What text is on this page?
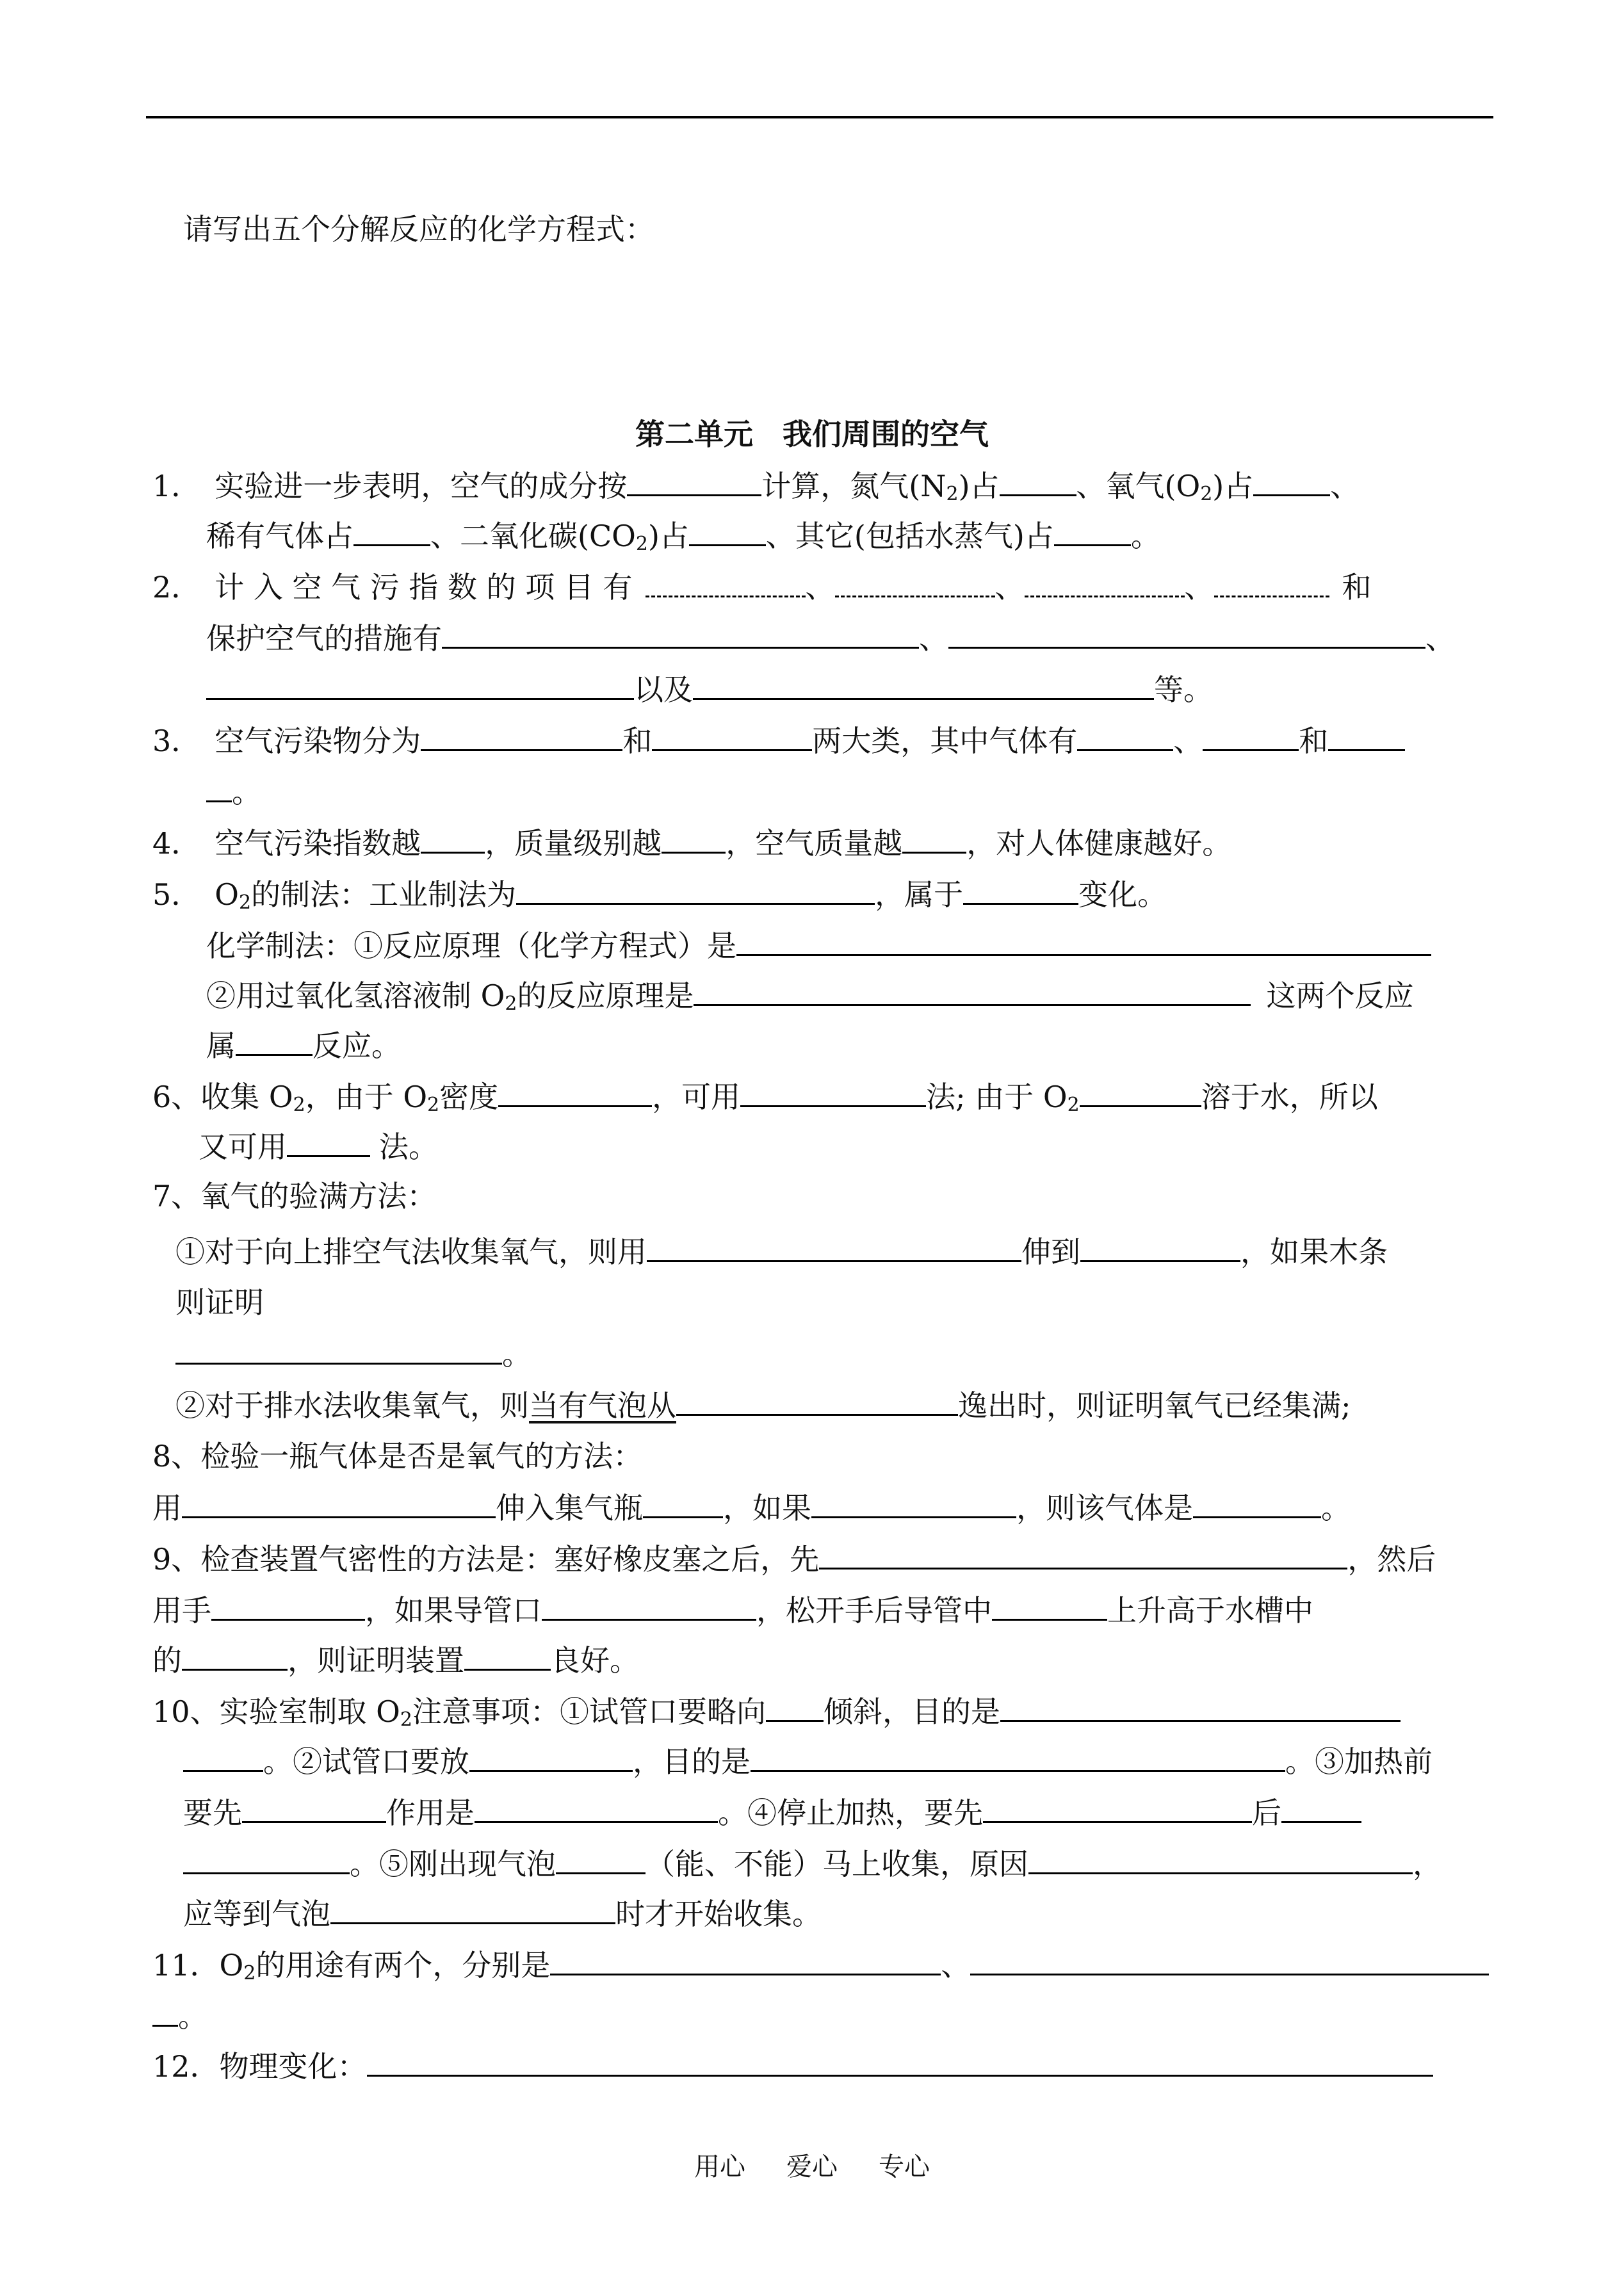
请写出五个分解反应的化学方程式：
第二单元　我们周围的空气
1． 实验进一步表明，空气的成分按	计算，氮气$(N_2)$占	、氧气$(O_2)$占	、
稀有气体占	、二氧化碳$(CO_2)$占	、其它(包括水蒸气)占	。
2． 计 入 空 气 污 指 数 的 项 目 有	、	、	、	和
保护空气的措施有	、	、
以及	等。
3． 空气污染物分为	和	两大类，其中气体有	、	和
。
4． 空气污染指数越 ，质量级别越 ，空气质量越 ，对人体健康越好。
5． $O_2$的制法：工业制法为	，属于	变化。
化学制法：①反应原理（化学方程式）是
②用过氧化氢溶液制 $O_2$的反应原理是	这两个反应
属	反应。
6、收集 $O_2$，由于 $O_2$密度	，可用	法; 由于 $O_2$	溶于水，所以
又可用	法。
7、氧气的验满方法：
①对于向上排空气法收集氧气，则用	伸到	，如果木条
则证明
。
②对于排水法收集氧气，则当有气泡从	逸出时，则证明氧气已经集满;
8、检验一瓶气体是否是氧气的方法：
用	伸入集气瓶	，如果	，则该气体是	。
9、检查装置气密性的方法是：塞好橡皮塞之后，先	，然后
用手	，如果导管口	，松开手后导管中	上升高于水槽中
的	，则证明装置	良好。
10、实验室制取 $O_2$注意事项：①试管口要略向 倾斜，目的是
。②试管口要放	，目的是	。③加热前
要先	作用是	。④停止加热，要先	后
。⑤刚出现气泡	（能、不能）马上收集，原因	，
应等到气泡	时才开始收集。
11．$O_2$的用途有两个，分别是	、
。
12．物理变化：
用心 爱心 专心
